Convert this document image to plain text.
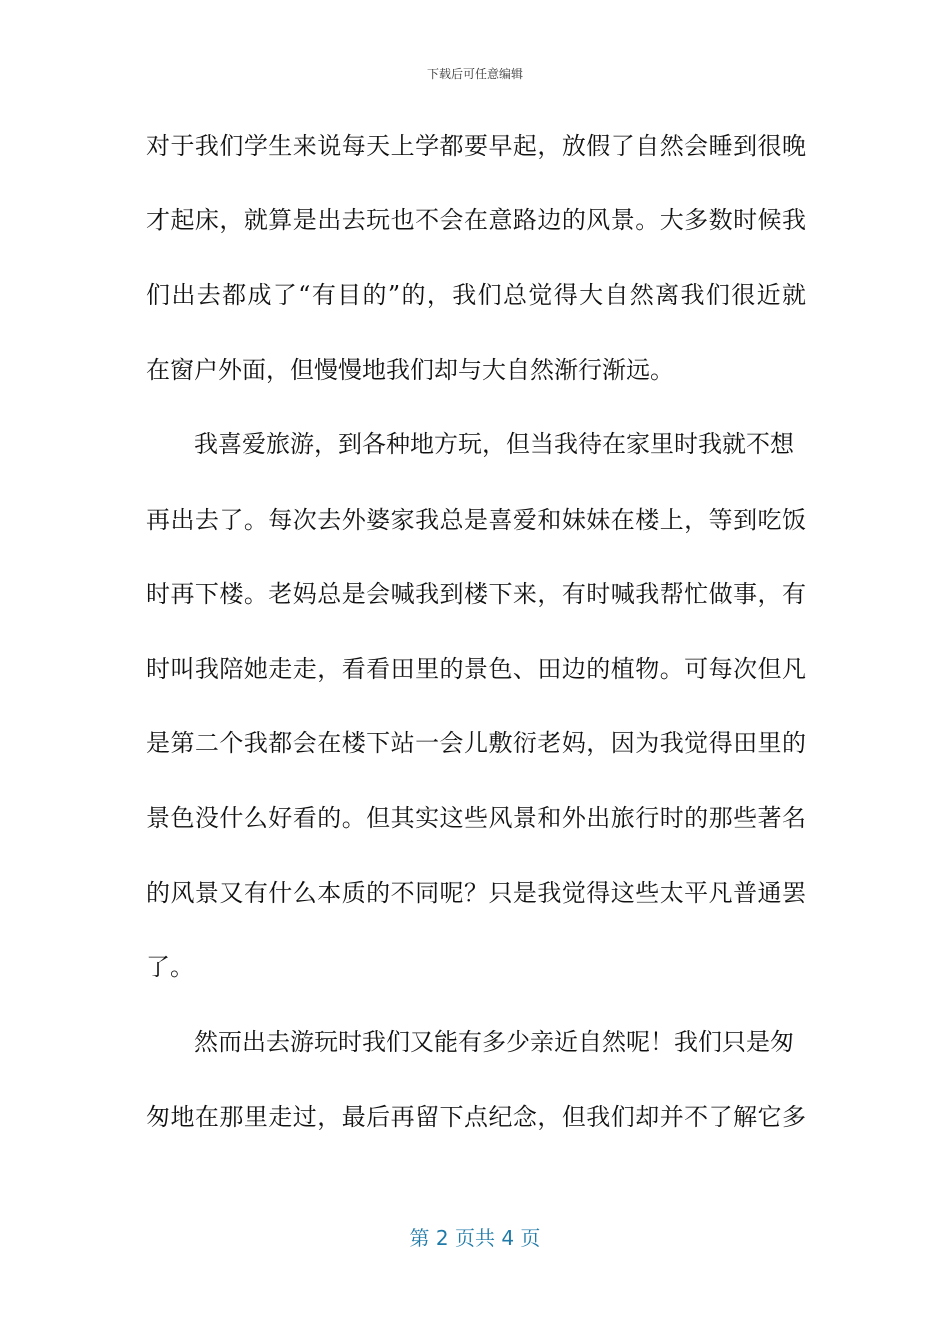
下载后可任意编辑
对于我们学生来说每天上学都要早起，放假了自然会睡到很晚
才起床，就算是出去玩也不会在意路边的风景。大多数时候我
们出去都成了“有目的”的，我们总觉得大自然离我们很近就
在窗户外面，但慢慢地我们却与大自然渐行渐远。
我喜爱旅游，到各种地方玩，但当我待在家里时我就不想
再出去了。每次去外婆家我总是喜爱和妹妹在楼上，等到吃饭
时再下楼。老妈总是会喊我到楼下来，有时喊我帮忙做事，有
时叫我陪她走走，看看田里的景色、田边的植物。可每次但凡
是第二个我都会在楼下站一会儿敷衍老妈，因为我觉得田里的
景色没什么好看的。但其实这些风景和外出旅行时的那些著名
的风景又有什么本质的不同呢？只是我觉得这些太平凡普通罢
了。
然而出去游玩时我们又能有多少亲近自然呢！我们只是匆
匆地在那里走过，最后再留下点纪念，但我们却并不了解它多
第 2 页共 4 页
